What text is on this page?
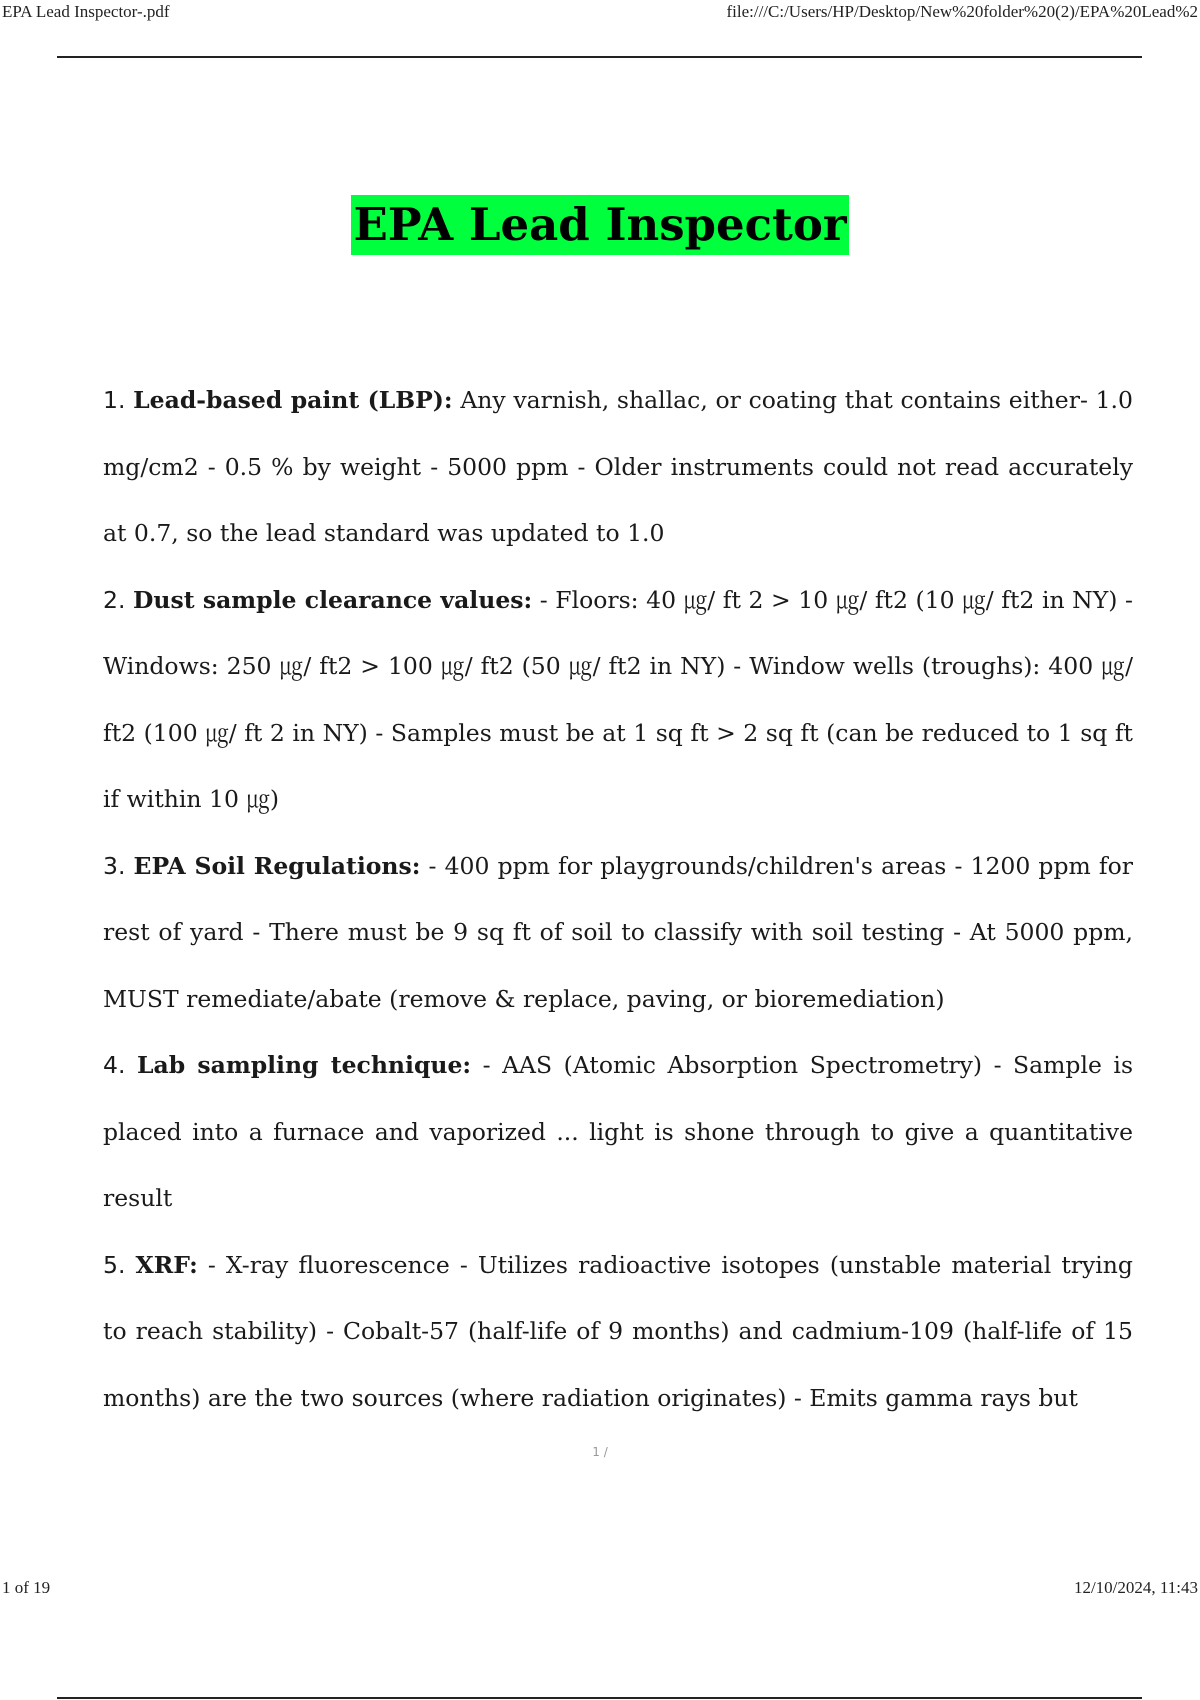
EPA Lead Inspector-.pdf	file:///C:/Users/HP/Desktop/New%20folder%20(2)/EPA%20Lead%2
EPA Lead Inspector

1. Lead-based paint (LBP): Any varnish, shallac, or coating that contains either- 1.0 mg/cm2 - 0.5 % by weight - 5000 ppm - Older instruments could not read accurately at 0.7, so the lead standard was updated to 1.0

2. Dust sample clearance values: - Floors: 40 ㎍/ ft 2 > 10 ㎍/ ft2 (10 ㎍/ ft2 in NY) - Windows: 250 ㎍/ ft2 > 100 ㎍/ ft2 (50 ㎍/ ft2 in NY) - Window wells (troughs): 400 ㎍/ ft2 (100 ㎍/ ft 2 in NY) - Samples must be at 1 sq ft > 2 sq ft (can be reduced to 1 sq ft if within 10 ㎍)

3. EPA Soil Regulations: - 400 ppm for playgrounds/children's areas - 1200 ppm for rest of yard - There must be 9 sq ft of soil to classify with soil testing - At 5000 ppm, MUST remediate/abate (remove & replace, paving, or bioremediation)

4. Lab sampling technique: - AAS (Atomic Absorption Spectrometry) - Sample is placed into a furnace and vaporized ... light is shone through to give a quantitative result

5. XRF: - X-ray fluorescence - Utilizes radioactive isotopes (unstable material trying to reach stability) - Cobalt-57 (half-life of 9 months) and cadmium-109 (half-life of 15 months) are the two sources (where radiation originates) - Emits gamma rays but

1 /
1 of 19	12/10/2024, 11:43
